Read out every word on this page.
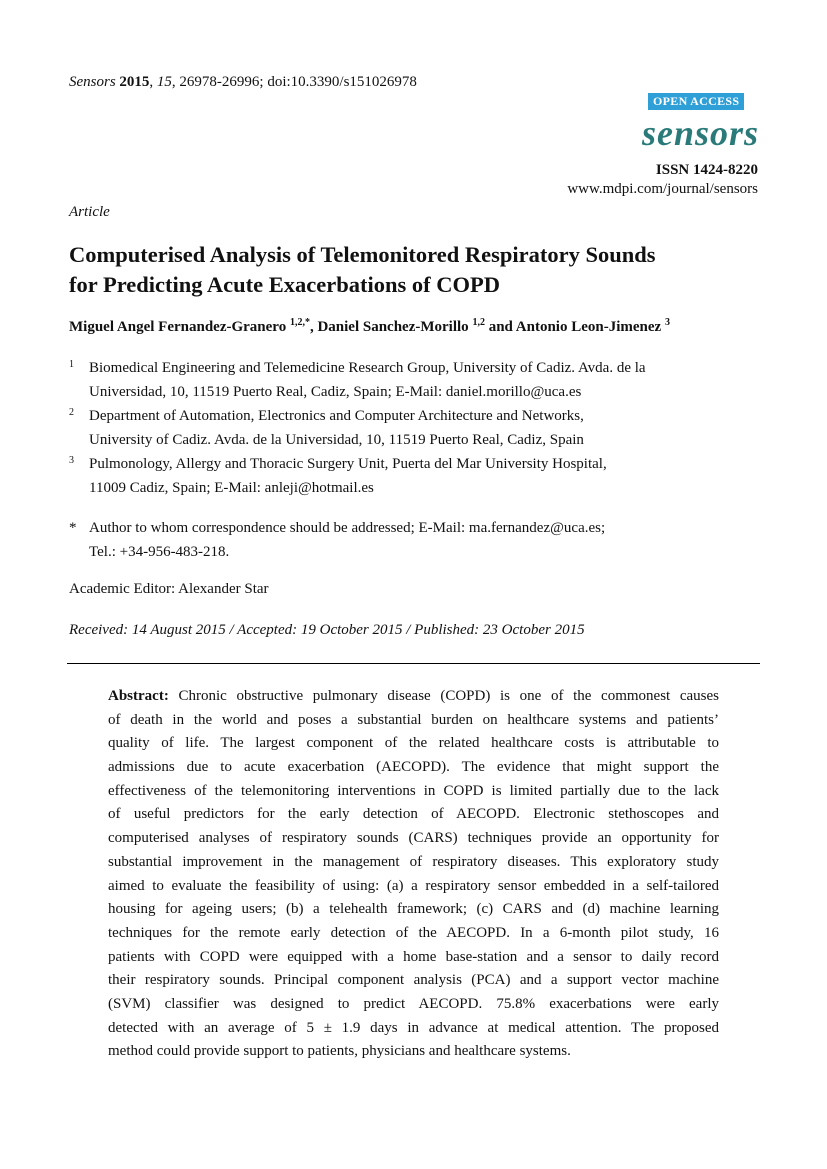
Sensors 2015, 15, 26978-26996; doi:10.3390/s151026978
OPEN ACCESS
sensors
ISSN 1424-8220
www.mdpi.com/journal/sensors
Article
Computerised Analysis of Telemonitored Respiratory Sounds
for Predicting Acute Exacerbations of COPD
Miguel Angel Fernandez-Granero $^{1,2,*}$, Daniel Sanchez-Morillo $^{1,2}$ and Antonio Leon-Jimenez $^3$
1 Biomedical Engineering and Telemedicine Research Group, University of Cadiz. Avda. de la
Universidad, 10, 11519 Puerto Real, Cadiz, Spain; E-Mail: daniel.morillo@uca.es
2 Department of Automation, Electronics and Computer Architecture and Networks,
University of Cadiz. Avda. de la Universidad, 10, 11519 Puerto Real, Cadiz, Spain
3 Pulmonology, Allergy and Thoracic Surgery Unit, Puerta del Mar University Hospital,
11009 Cadiz, Spain; E-Mail: anleji@hotmail.es
* Author to whom correspondence should be addressed; E-Mail: ma.fernandez@uca.es;
Tel.: +34-956-483-218.
Academic Editor: Alexander Star
Received: 14 August 2015 / Accepted: 19 October 2015 / Published: 23 October 2015
Abstract: Chronic obstructive pulmonary disease (COPD) is one of the commonest causes
of death in the world and poses a substantial burden on healthcare systems and patients’
quality of life. The largest component of the related healthcare costs is attributable to
admissions due to acute exacerbation (AECOPD). The evidence that might support the
effectiveness of the telemonitoring interventions in COPD is limited partially due to the lack
of useful predictors for the early detection of AECOPD. Electronic stethoscopes and
computerised analyses of respiratory sounds (CARS) techniques provide an opportunity for
substantial improvement in the management of respiratory diseases. This exploratory study
aimed to evaluate the feasibility of using: (a) a respiratory sensor embedded in a self-tailored
housing for ageing users; (b) a telehealth framework; (c) CARS and (d) machine learning
techniques for the remote early detection of the AECOPD. In a 6-month pilot study, 16
patients with COPD were equipped with a home base-station and a sensor to daily record
their respiratory sounds. Principal component analysis (PCA) and a support vector machine
(SVM) classifier was designed to predict AECOPD. 75.8% exacerbations were early
detected with an average of 5 ± 1.9 days in advance at medical attention. The proposed
method could provide support to patients, physicians and healthcare systems.
